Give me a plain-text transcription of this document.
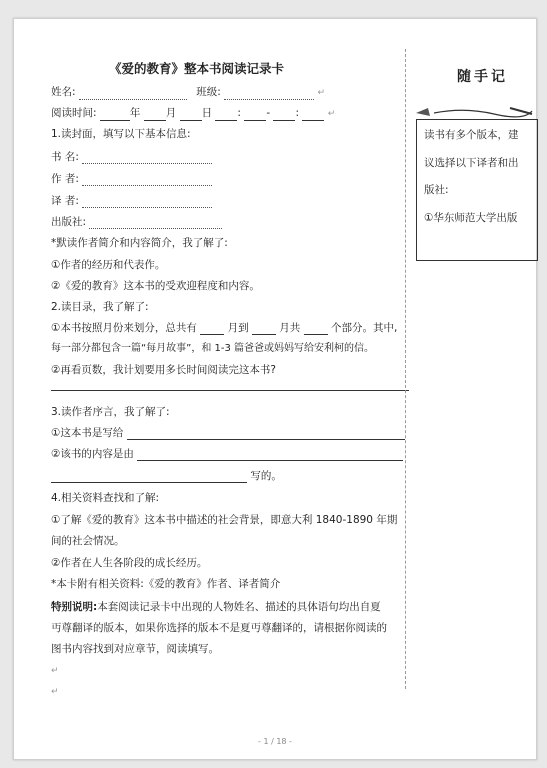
《爱的教育》整本书阅读记录卡
姓名:	班级:	↵
阅读时间:	年 月 日 : - :	↵
1.读封面，填写以下基本信息:
书 名:
作 者:
译 者:
出版社:
*默读作者简介和内容简介，我了解了:
①作者的经历和代表作。
②《爱的教育》这本书的受欢迎程度和内容。
2.读目录，我了解了:
①本书按照月份来划分，总共有	月到	月共	个部分。其中,
每一部分都包含一篇“每月故事”，和 1-3 篇爸爸或妈妈写给安利柯的信。
②再看页数，我计划要用多长时间阅读完这本书?
3.读作者序言，我了解了:
①这本书是写给
②该书的内容是由
写的。
4.相关资料查找和了解:
①了解《爱的教育》这本书中描述的社会背景，即意大利 1840-1890 年期
间的社会情况。
②作者在人生各阶段的成长经历。
*本卡附有相关资料:《爱的教育》作者、译者简介
特别说明:本套阅读记录卡中出现的人物姓名、描述的具体语句均出自夏
丏尊翻译的版本，如果你选择的版本不是夏丏尊翻译的，请根据你阅读的
图书内容找到对应章节，阅读填写。
↵
↵
随手记
读书有多个版本，建
议选择以下译者和出
版社:
①华东师范大学出版
- 1 / 18 -
